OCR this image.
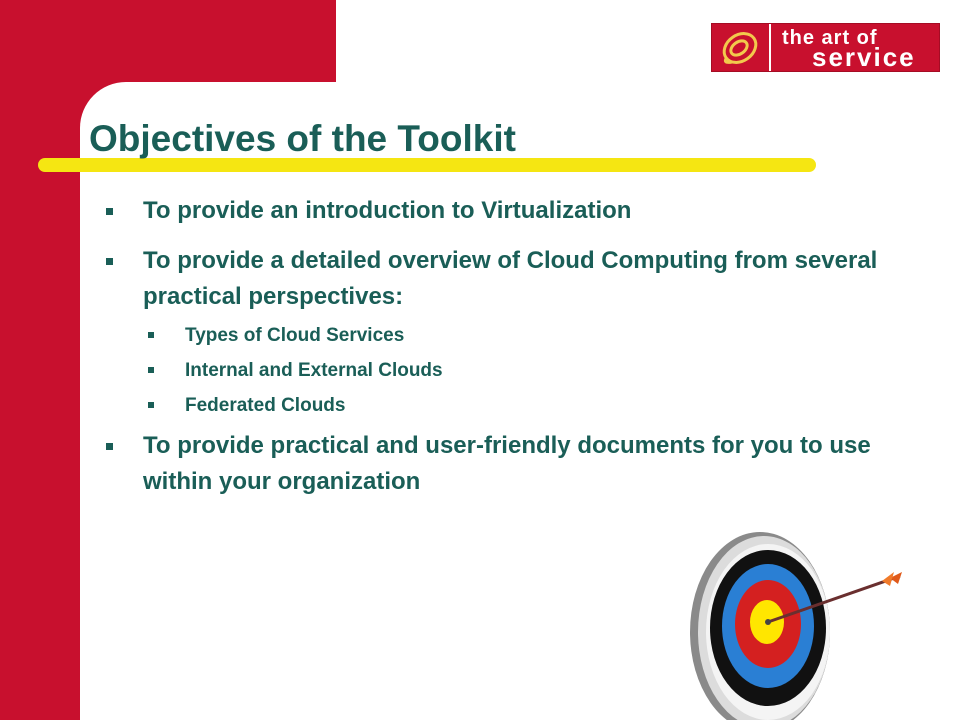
the art of
service
Objectives of the Toolkit
To provide an introduction to Virtualization
To provide a detailed overview of Cloud Computing from several practical perspectives:
Types of Cloud Services
Internal and External Clouds
Federated Clouds
To provide practical and user-friendly documents for you to use within your organization
